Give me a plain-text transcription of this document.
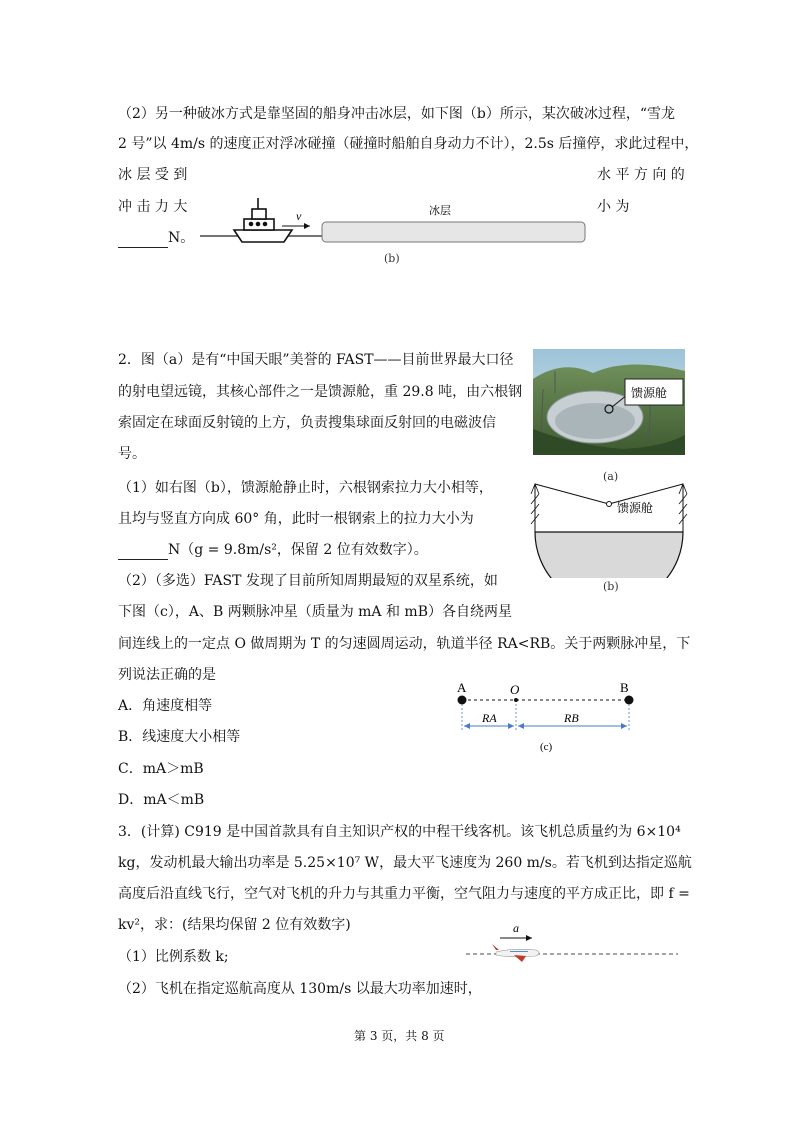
（2）另一种破冰方式是靠坚固的船身冲击冰层，如下图（b）所示，某次破冰过程，“雪龙
2 号”以 4m/s 的速度正对浮冰碰撞（碰撞时船舶自身动力不计），2.5s 后撞停，求此过程中，
冰 层 受 到	水 平 方 向 的
冲 击 力 大	小 为
N。
v	冰层
(b)
2．图（a）是有“中国天眼”美誉的 FAST——目前世界最大口径
的射电望远镜，其核心部件之一是馈源舱，重 29.8 吨，由六根钢
索固定在球面反射镜的上方，负责搜集球面反射回的电磁波信
号。
馈源舱
(a)
（1）如右图（b），馈源舱静止时，六根钢索拉力大小相等，
且均与竖直方向成 60° 角，此时一根钢索上的拉力大小为
N（g = 9.8m/s²，保留 2 位有效数字）。
馈源舱
(b)
（2）（多选）FAST 发现了目前所知周期最短的双星系统，如
下图（c），A、B 两颗脉冲星（质量为 mA 和 mB）各自绕两星
间连线上的一定点 O 做周期为 T 的匀速圆周运动，轨道半径 RA<RB。关于两颗脉冲星，下
列说法正确的是
A．角速度相等
B．线速度大小相等
C．mA＞mB
D．mA＜mB
A	O	B
RA	RB
(c)
3．(计算) C919 是中国首款具有自主知识产权的中程干线客机。该飞机总质量约为 6×10⁴
kg，发动机最大输出功率是 5.25×10⁷ W，最大平飞速度为 260 m/s。若飞机到达指定巡航
高度后沿直线飞行，空气对飞机的升力与其重力平衡，空气阻力与速度的平方成正比，即 f =
kv²，求：(结果均保留 2 位有效数字)
（1）比例系数 k;
（2）飞机在指定巡航高度从 130m/s 以最大功率加速时，
a
第 3 页，共 8 页
